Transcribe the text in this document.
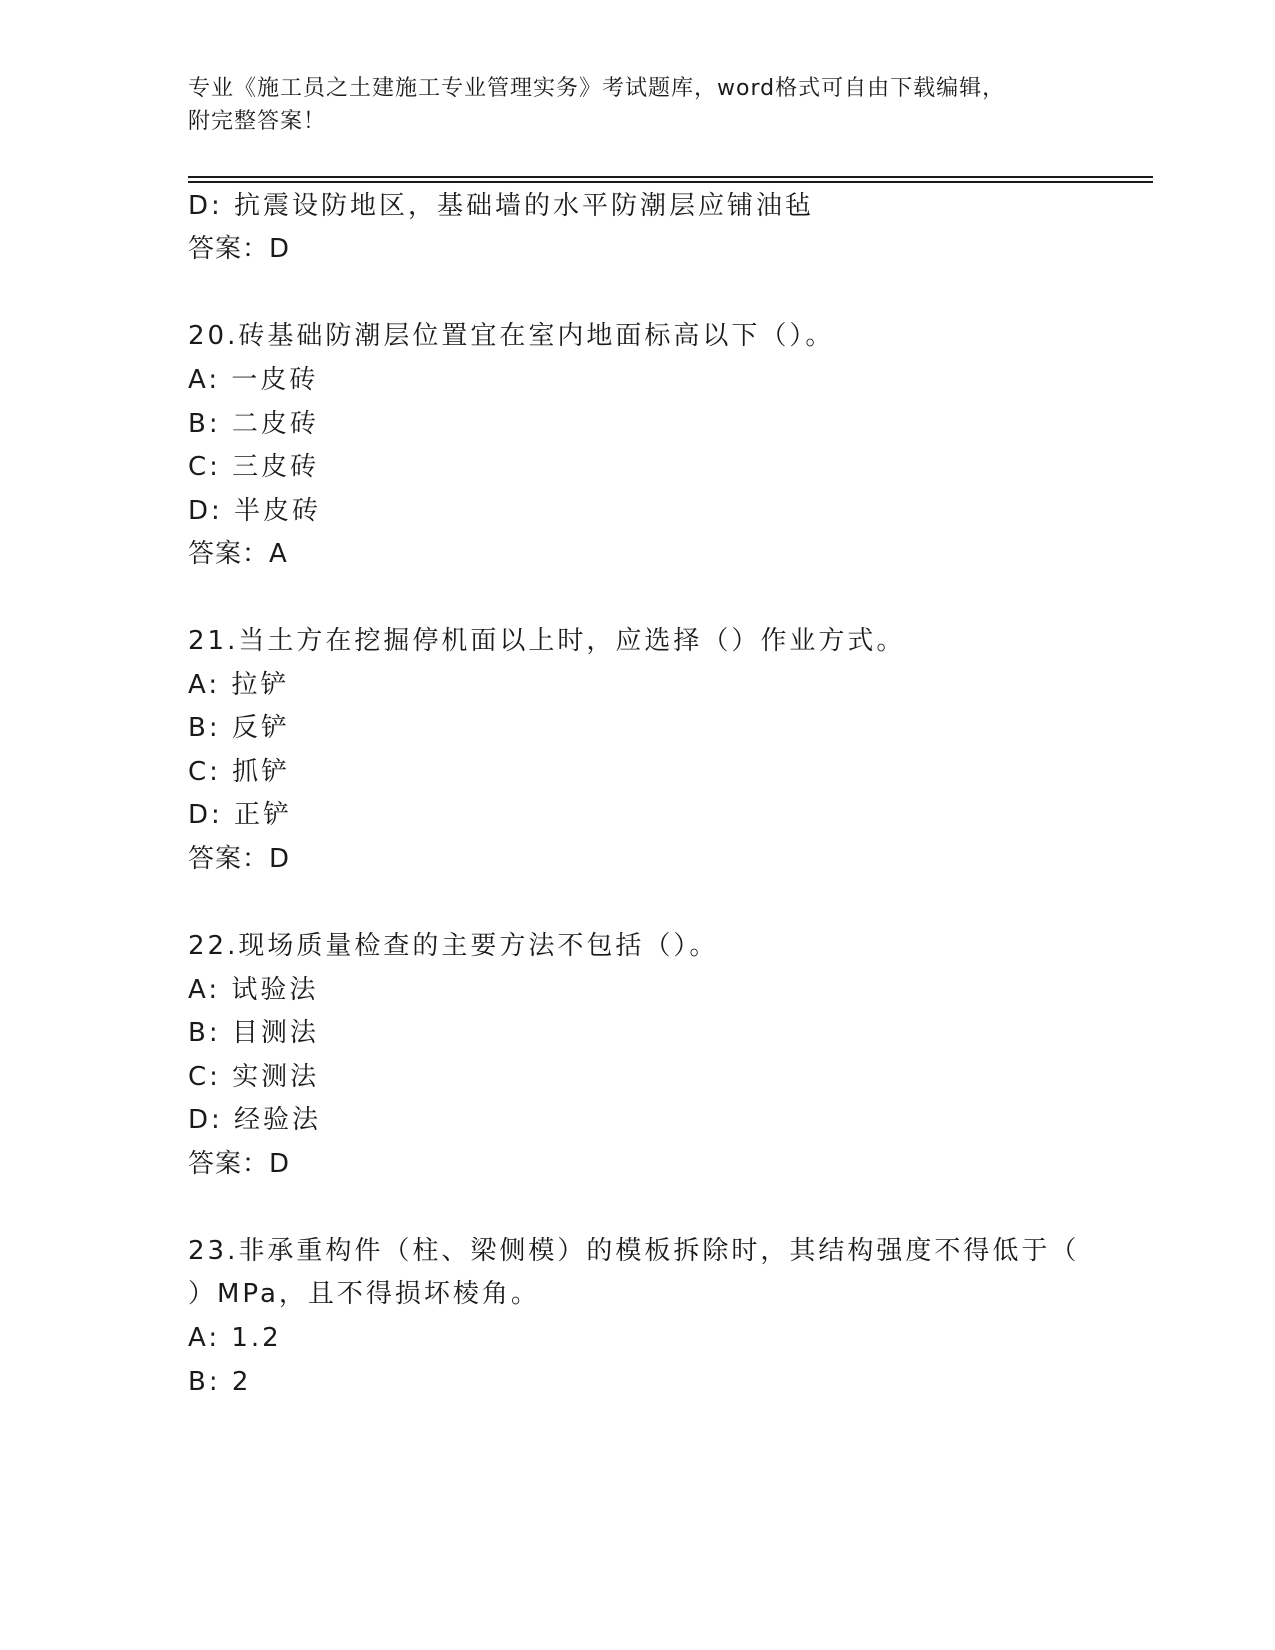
专业《施工员之土建施工专业管理实务》考试题库，word格式可自由下载编辑，
附完整答案！
D: 抗震设防地区，基础墙的水平防潮层应铺油毡
答案：D
20.砖基础防潮层位置宜在室内地面标高以下（）。
A: 一皮砖
B: 二皮砖
C: 三皮砖
D: 半皮砖
答案：A
21.当土方在挖掘停机面以上时，应选择（）作业方式。
A: 拉铲
B: 反铲
C: 抓铲
D: 正铲
答案：D
22.现场质量检查的主要方法不包括（）。
A: 试验法
B: 目测法
C: 实测法
D: 经验法
答案：D
23.非承重构件（柱、梁侧模）的模板拆除时，其结构强度不得低于（
）MPa，且不得损坏棱角。
A: 1.2
B: 2
